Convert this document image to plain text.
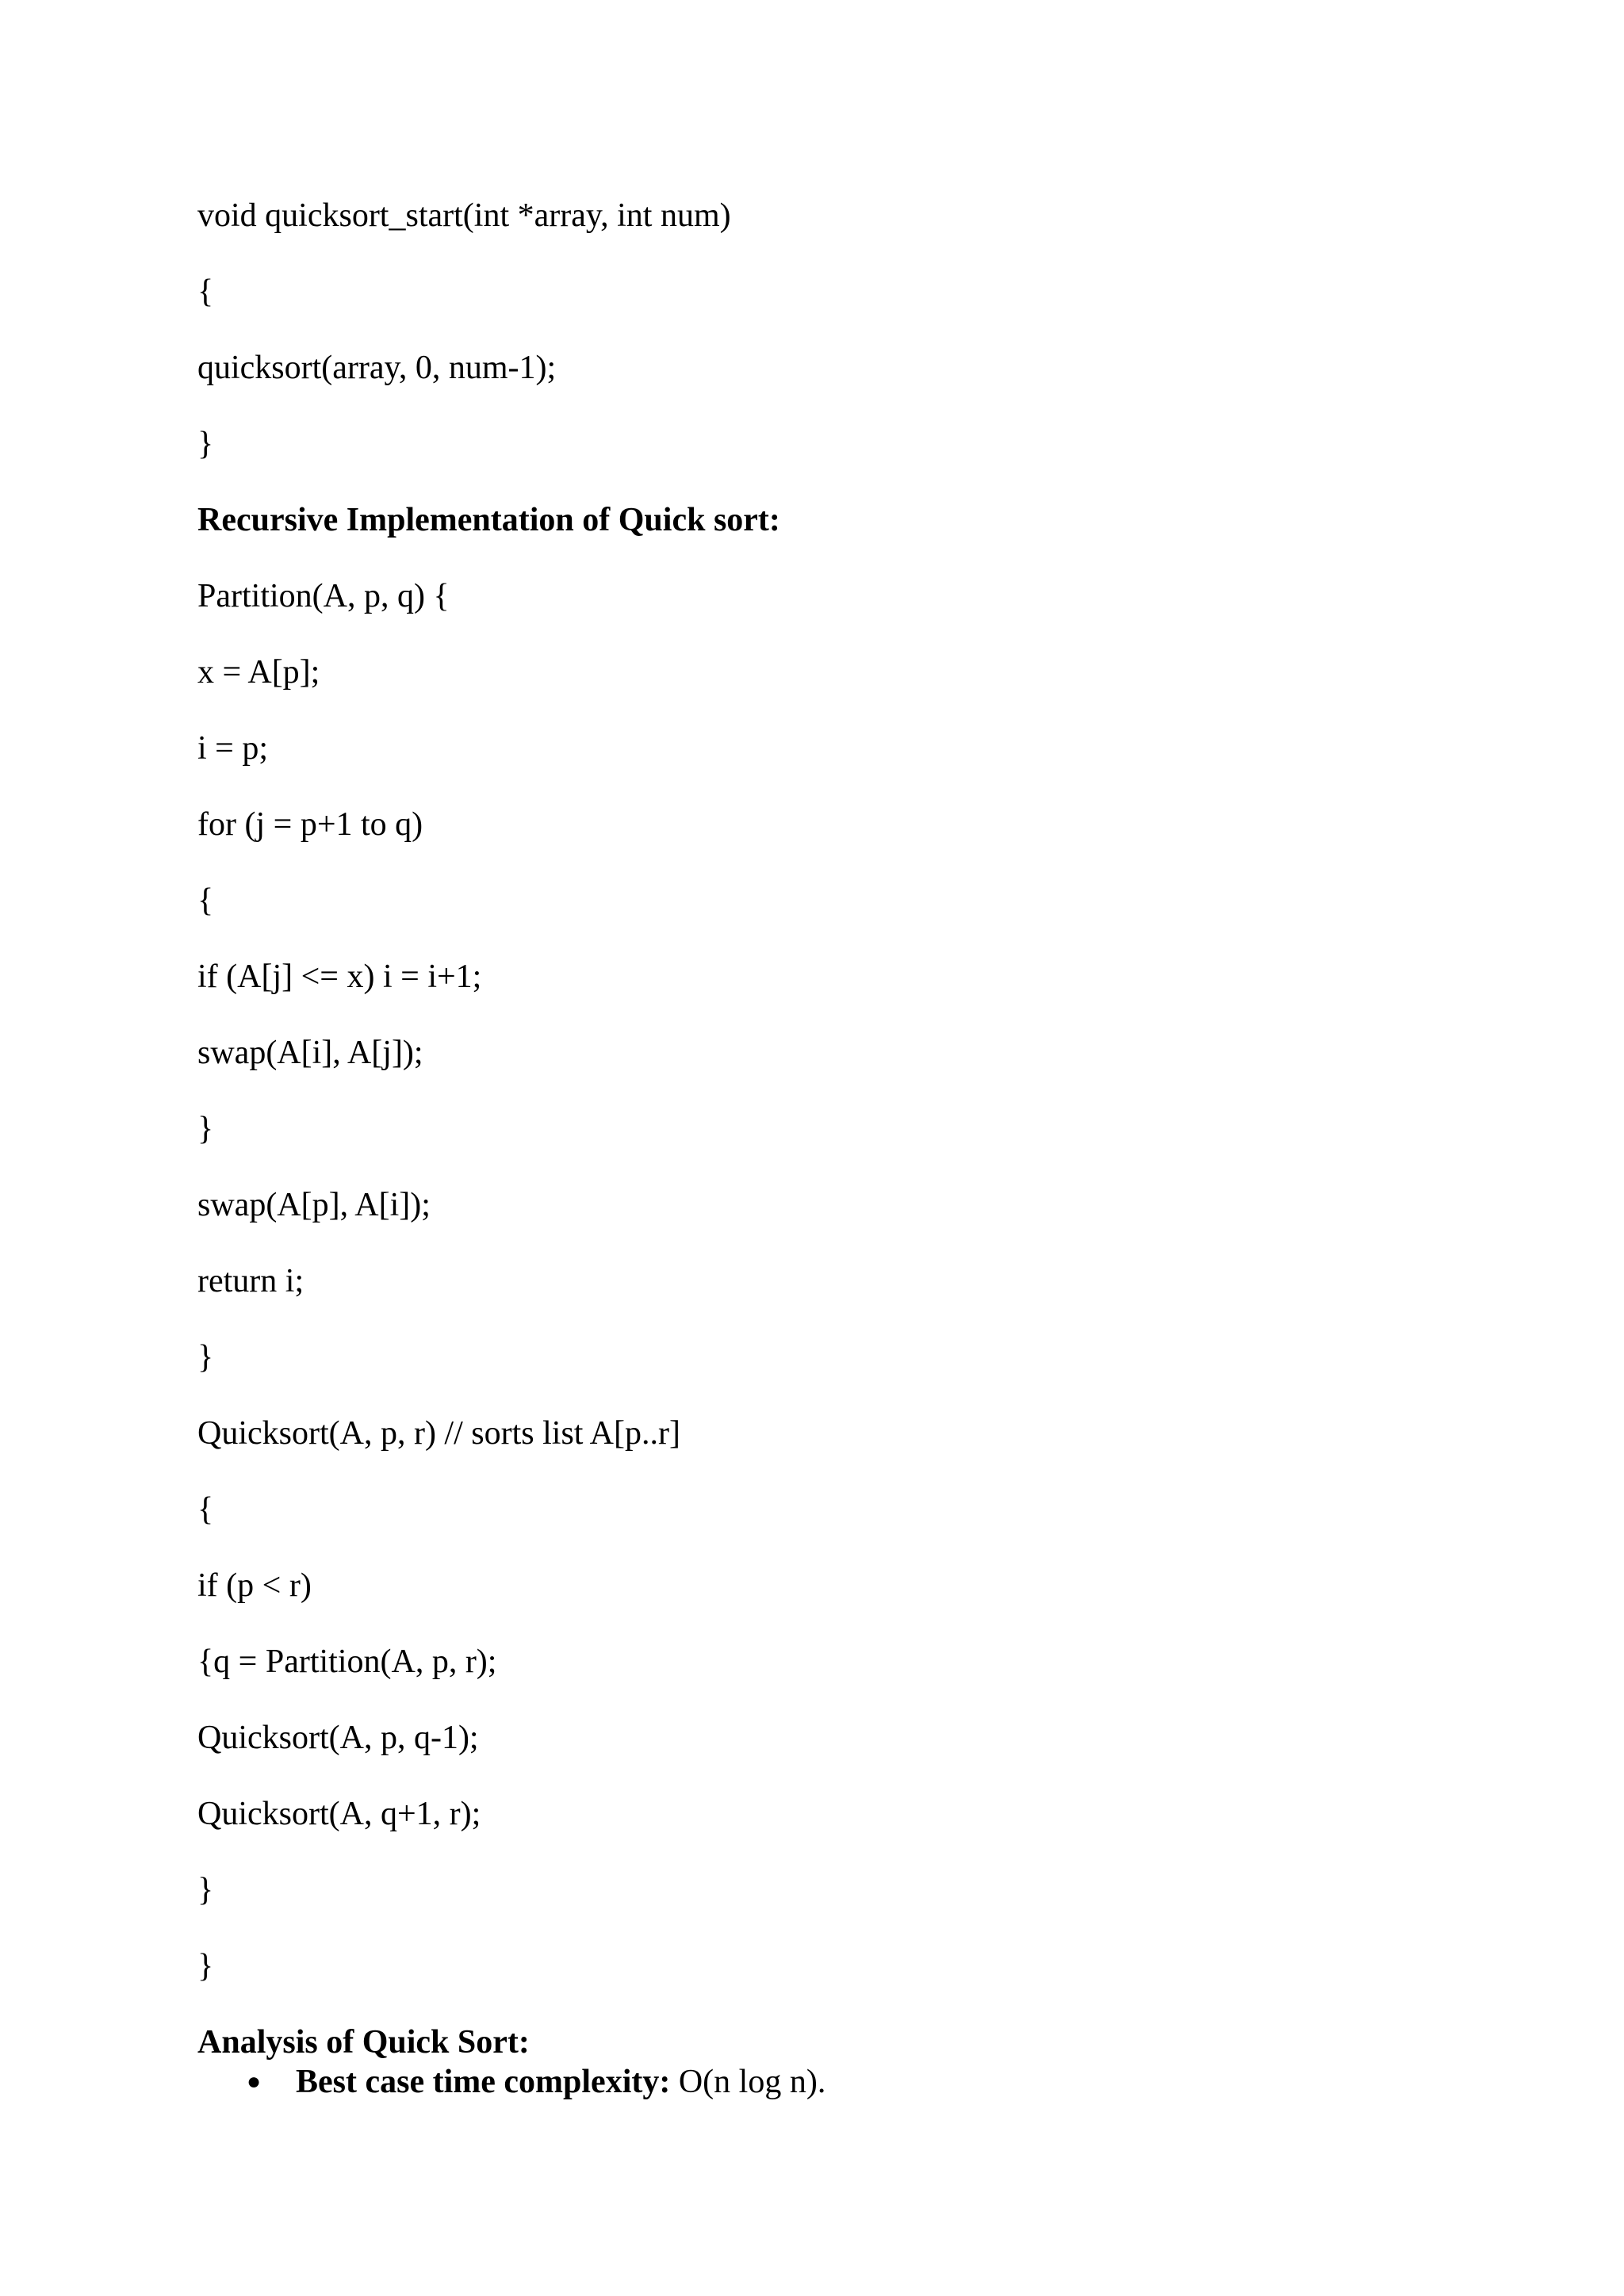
void quicksort_start(int *array, int num)
{
quicksort(array, 0, num-1);
}
Recursive Implementation of Quick sort:
Partition(A, p, q) {
x = A[p];
i = p;
for (j = p+1 to q)
{
if (A[j] <= x) i = i+1;
swap(A[i], A[j]);
}
swap(A[p], A[i]);
return i;
}
Quicksort(A, p, r) // sorts list A[p..r]
{
if (p < r)
{q = Partition(A, p, r);
Quicksort(A, p, q-1);
Quicksort(A, q+1, r);
}
}
Analysis of Quick Sort:

●

Best case time complexity: O(n log n).
